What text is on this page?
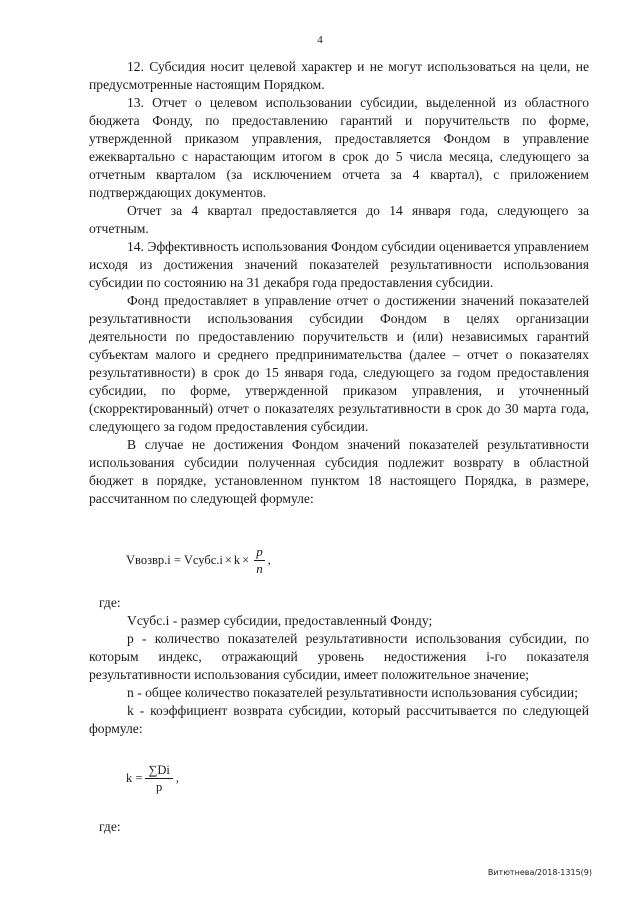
4

12. Субсидия носит целевой характер и не могут использоваться на цели, не предусмотренные настоящим Порядком.

13. Отчет о целевом использовании субсидии, выделенной из областного бюджета Фонду, по предоставлению гарантий и поручительств по форме, утвержденной приказом управления, предоставляется Фондом в управление ежеквартально с нарастающим итогом в срок до 5 числа месяца, следующего за отчетным кварталом (за исключением отчета за 4 квартал), с приложением подтверждающих документов.

Отчет за 4 квартал предоставляется до 14 января года, следующего за отчетным.

14. Эффективность использования Фондом субсидии оценивается управлением исходя из достижения значений показателей результативности использования субсидии по состоянию на 31 декабря года предоставления субсидии.

Фонд предоставляет в управление отчет о достижении значений показателей результативности использования субсидии Фондом в целях организации деятельности по предоставлению поручительств и (или) независимых гарантий субъектам малого и среднего предпринимательства (далее – отчет о показателях результативности) в срок до 15 января года, следующего за годом предоставления субсидии, по форме, утвержденной приказом управления, и уточненный (скорректированный) отчет о показателях результативности в срок до 30 марта года, следующего за годом предоставления субсидии.

В случае не достижения Фондом значений показателей результативности использования субсидии полученная субсидия подлежит возврату в областной бюджет в порядке, установленном пунктом 18 настоящего Порядка, в размере, рассчитанном по следующей формуле:

Vвозвр.i = Vсубс.i × $k \times \frac{p}{n}$ ,

где:

Vсубс.i - размер субсидии, предоставленный Фонду;

p - количество показателей результативности использования субсидии, по которым индекс, отражающий уровень недостижения i-го показателя результативности использования субсидии, имеет положительное значение;

n - общее количество показателей результативности использования субсидии;

k - коэффициент возврата субсидии, который рассчитывается по следующей формуле:

$k = \frac{\sum Di}{p}$ ,

где:

Витютнева/2018-1315(9)
